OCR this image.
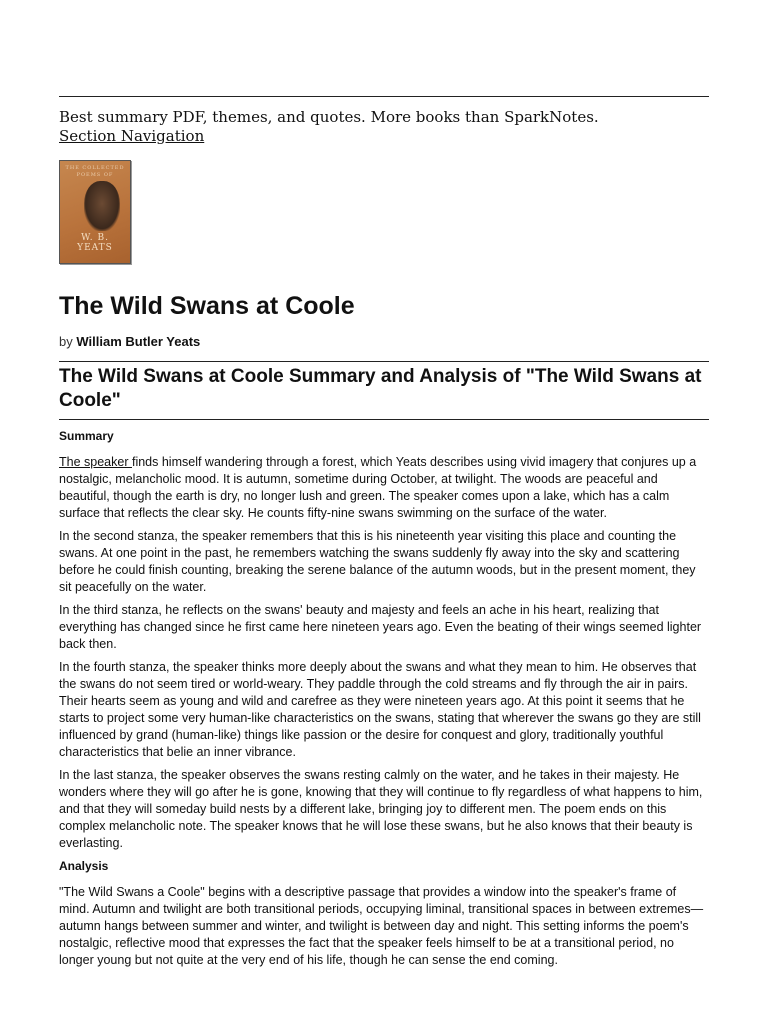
Best summary PDF, themes, and quotes. More books than SparkNotes.
Section Navigation
THE COLLECTED POEMS OF
W. B. YEATS
The Wild Swans at Coole
by William Butler Yeats
The Wild Swans at Coole Summary and Analysis of "The Wild Swans at Coole"
Summary

The speaker finds himself wandering through a forest, which Yeats describes using vivid imagery that conjures up a nostalgic, melancholic mood. It is autumn, sometime during October, at twilight. The woods are peaceful and beautiful, though the earth is dry, no longer lush and green. The speaker comes upon a lake, which has a calm surface that reflects the clear sky. He counts fifty-nine swans swimming on the surface of the water.

In the second stanza, the speaker remembers that this is his nineteenth year visiting this place and counting the swans. At one point in the past, he remembers watching the swans suddenly fly away into the sky and scattering before he could finish counting, breaking the serene balance of the autumn woods, but in the present moment, they sit peacefully on the water.

In the third stanza, he reflects on the swans' beauty and majesty and feels an ache in his heart, realizing that everything has changed since he first came here nineteen years ago. Even the beating of their wings seemed lighter back then.

In the fourth stanza, the speaker thinks more deeply about the swans and what they mean to him. He observes that the swans do not seem tired or world-weary. They paddle through the cold streams and fly through the air in pairs. Their hearts seem as young and wild and carefree as they were nineteen years ago. At this point it seems that he starts to project some very human-like characteristics on the swans, stating that wherever the swans go they are still influenced by grand (human-like) things like passion or the desire for conquest and glory, traditionally youthful characteristics that belie an inner vibrance.

In the last stanza, the speaker observes the swans resting calmly on the water, and he takes in their majesty. He wonders where they will go after he is gone, knowing that they will continue to fly regardless of what happens to him, and that they will someday build nests by a different lake, bringing joy to different men. The poem ends on this complex melancholic note. The speaker knows that he will lose these swans, but he also knows that their beauty is everlasting.

Analysis

"The Wild Swans a Coole" begins with a descriptive passage that provides a window into the speaker's frame of mind. Autumn and twilight are both transitional periods, occupying liminal, transitional spaces in between extremes—autumn hangs between summer and winter, and twilight is between day and night. This setting informs the poem's nostalgic, reflective mood that expresses the fact that the speaker feels himself to be at a transitional period, no longer young but not quite at the very end of his life, though he can sense the end coming.
